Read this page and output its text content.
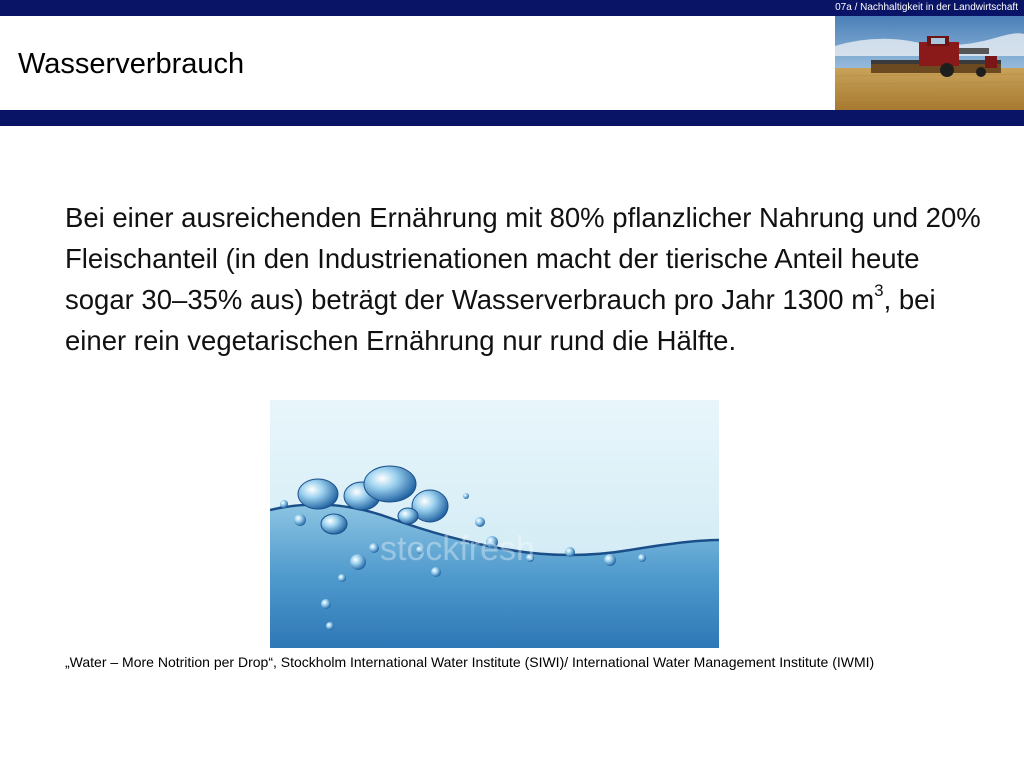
07a / Nachhaltigkeit in der Landwirtschaft
Wasserverbrauch

Bei einer ausreichenden Ernährung mit 80% pflanzlicher Nahrung und 20% Fleischanteil (in den Industrienationen macht der tierische Anteil heute sogar 30–35% aus) beträgt der Wasserverbrauch pro Jahr 1300 $m^3$, bei einer rein vegetarischen Ernährung nur rund die Hälfte.

stockfresh

„Water – More Notrition per Drop“, Stockholm International Water Institute (SIWI)/ International Water Management Institute (IWMI)
